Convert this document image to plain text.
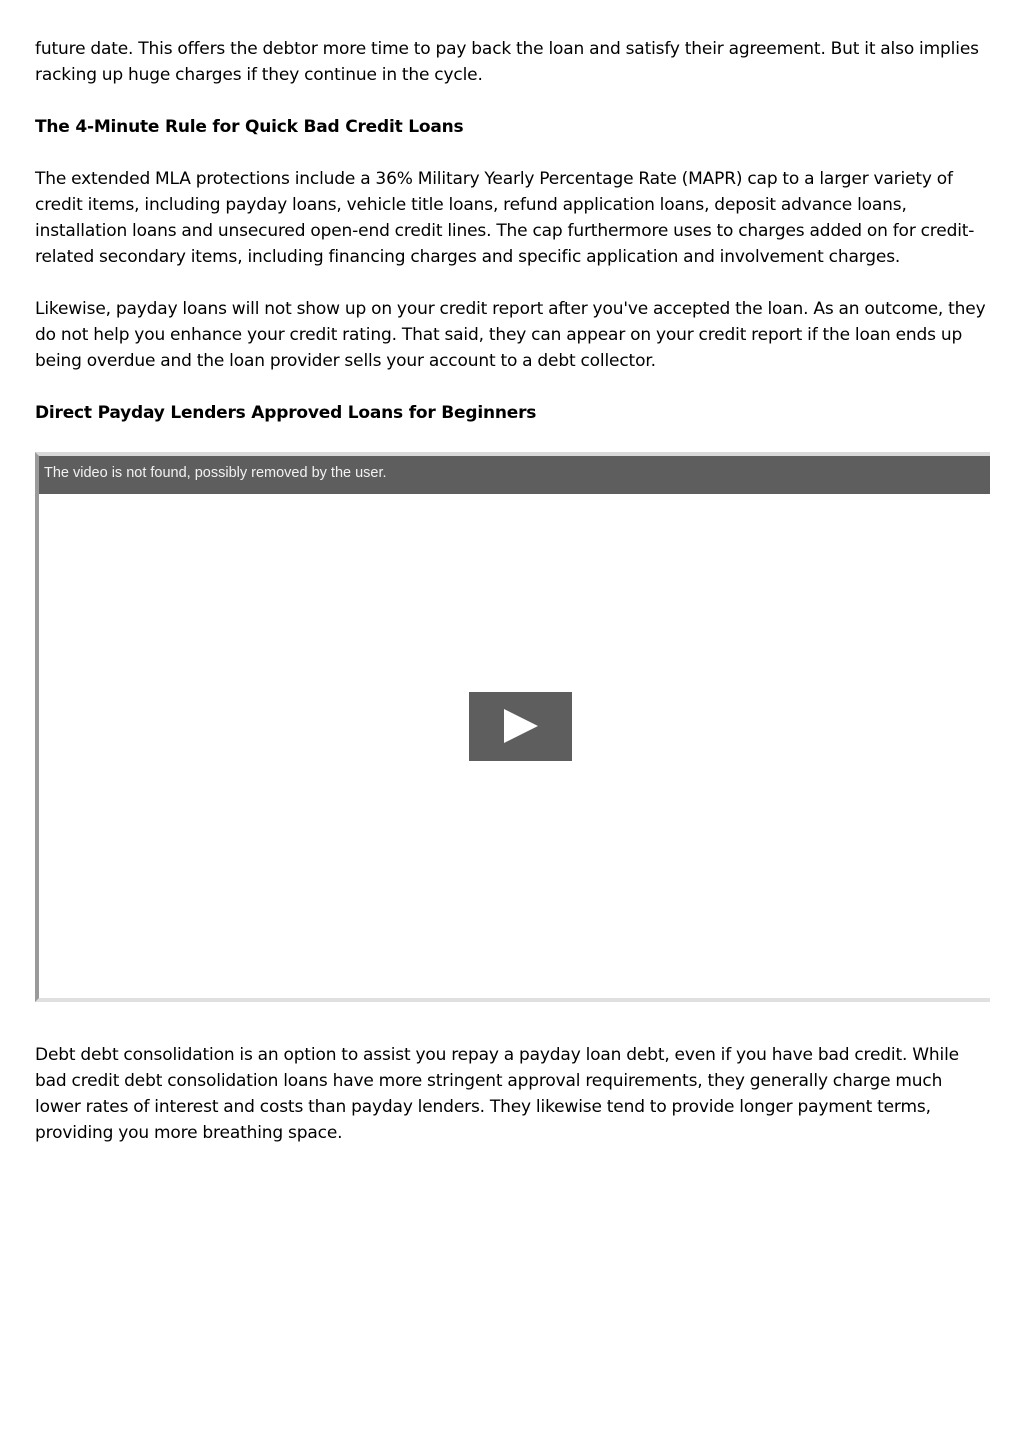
future date. This offers the debtor more time to pay back the loan and satisfy their agreement. But it also implies racking up huge charges if they continue in the cycle.

The 4-Minute Rule for Quick Bad Credit Loans

The extended MLA protections include a 36% Military Yearly Percentage Rate (MAPR) cap to a larger variety of credit items, including payday loans, vehicle title loans, refund application loans, deposit advance loans, installation loans and unsecured open-end credit lines. The cap furthermore uses to charges added on for credit-related secondary items, including financing charges and specific application and involvement charges.

Likewise, payday loans will not show up on your credit report after you've accepted the loan. As an outcome, they do not help you enhance your credit rating. That said, they can appear on your credit report if the loan ends up being overdue and the loan provider sells your account to a debt collector.

Direct Payday Lenders Approved Loans for Beginners
The video is not found, possibly removed by the user.

Debt debt consolidation is an option to assist you repay a payday loan debt, even if you have bad credit. While bad credit debt consolidation loans have more stringent approval requirements, they generally charge much lower rates of interest and costs than payday lenders. They likewise tend to provide longer payment terms, providing you more breathing space.
